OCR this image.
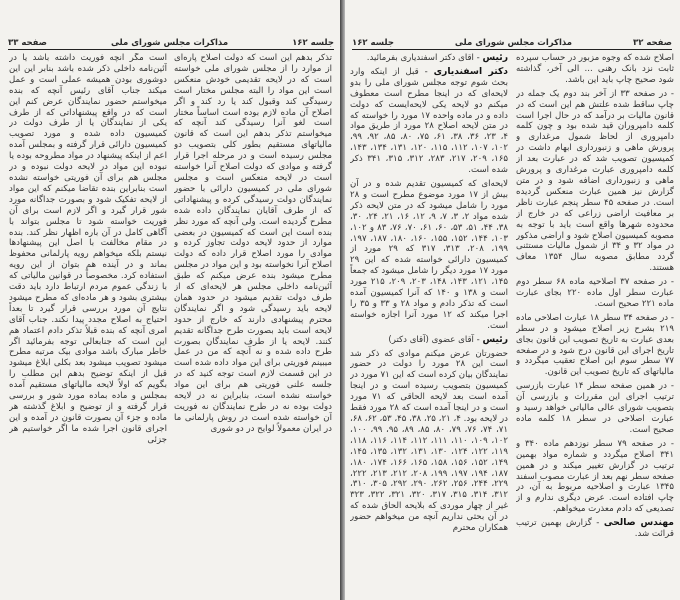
جلسه ۱۶۲
مذاکرات مجلس شورای ملی
صفحه ۳۳

تذکر بدهم این است که دولت اصلاح پاره‌ای از موارد را از مجلس شورای ملی خواسته است که در لایحه تقدیمی خودش منعکس است این مواد را البته مجلس مختار است رسیدگی کند وقبول کند یا رد کند و اگر اصلاح آن ماده لازم بوده است اساساً مختار است لغو آنرا رسیدگی کند آنچه که میخواستم تذکر بدهم این است که قانون مالیاتهای مستقیم بطور کلی بتصویب دو مجلس رسیده است و در مرحله اجرا قرار گرفته و موادی که دولت اصلاح آنرا خواسته است در لایحه منعکس است و مجلس شورای ملی در کمیسیون دارائی با حضور نمایندگان دولت رسیدگی کرده و پیشنهاداتی که از طرف آقایان نمایندگان داده شده مطرح گردیده است. ولی آنچه که مورد نظر بنده است این است که کمیسیون در بعضی موارد از حدود لایحه دولت تجاوز کرده و موادی را مورد اصلاح قرار داده که دولت اصلاح آنرا نخواسته بود و این مواد در مجلس مطرح میشود بنده عرض میکنم که طبق آئین‌نامه داخلی مجلس هر لایحه‌ای که از طرف دولت تقدیم میشود در حدود همان لایحه باید رسیدگی شود و اگر نمایندگان محترم پیشنهادی دارند که خارج از حدود لایحه است باید بصورت طرح جداگانه تقدیم کنند. لایحه یا از طرف نمایندگان بصورت طرح داده شده و نه آنچه که من در عمل میبینم فوریتی برای این مواد داده شده است در این قسمت لازم است توجه کنید که در جلسه علنی فوریتی هم برای این مواد خواسته نشده است، بنابراین نه در لایحه دولت بوده نه در طرح نمایندگان نه فوریت آن خواسته شده است در روش پارلمانی ما در ایران معمولاً لوایح در دو شوری

است مگر آنچه فوریت داشته باشد یا در آئین‌نامه داخلی ذکر شده باشد بنابر این این دوشوری بودن همیشه عملی است و عمل میکند جناب آقای رئیس آنچه که بنده میخواستم حضور نمایندگان عرض کنم این است که در واقع پیشنهاداتی که از طرف یکی از نمایندگان یا از طرف دولت در کمیسیون داده شده و مورد تصویب کمیسیون دارائی قرار گرفته و بمجلس آمده اعم از اینکه پیشنهاد در مواد مطروحه بوده یا نبوده این مواد در لایحه دولت نبوده و در مجلس هم برای آن فوریتی خواسته نشده است بنابراین بنده تقاضا میکنم که این مواد از لایحه تفکیک شود و بصورت جداگانه مورد شور قرار گیرد و اگر لازم است برای آن فوریت خواسته شود تا مجلس بتواند با آگاهی کامل در آن باره اظهار نظر کند. بنده در مقام مخالفت با اصل این پیشنهادها نیستم بلکه میخواهم رویه پارلمانی محفوظ بماند و در آینده هم بتوان از این رویه استفاده کرد. مخصوصاً در قوانین مالیاتی که با زندگی عموم مردم ارتباط دارد باید دقت بیشتری بشود و هر ماده‌ای که مطرح میشود نتایج آن مورد بررسی قرار گیرد تا بعداً احتیاج به اصلاح مجدد پیدا نکند. جناب آقای امری آنچه که بنده قبلاً تذکر دادم اعتماد هم این است که جنابعالی توجه بفرمائید اگر خاطر مبارک باشد موادی بیک مرتبه مطرح میشود تصویب میشود بعد بکلی ابلاغ میشود قبل از اینکه توضیح بدهم این مطلب را بگویم که اولاً لایحه مالیاتهای مستقیم آمده بمجلس و ماده بماده مورد شور و بررسی قرار گرفته و از توضیح و ابلاغ گذشته هر ماده و جزء آن بصورت قانون در آمده و این اجرای قانون اجرا شده ما اگر خواستیم هر جزئی

صفحه ۳۲
مذاکرات مجلس شورای ملی
جلسه ۱۶۲

اصلاح شده که وجوه مزبور در حساب سپرده ثابت نزد بانک رهنی ... الی آخر، گذاشته شود صحیح چاپ باید این باشد.

- در صفحه ۳۳ از آخر بند دوم یک جمله در چاپ ساقط شده علتش هم این است که در قانون مالیات بر درآمد که در حال اجرا است کلمه دامپروران قید شده بود و چون کلمه دامپروری از لحاظ شمول مرغداری و پرورش ماهی و زنبورداری ابهام داشت در کمیسیون تصویب شد که در عبارت بعد از کلمه دامپروری عبارت مرغداری و پرورش ماهی و زنبورداری اضافه شود و در متن گزارش نیز همین عبارت منعکس گردیده است. در صفحه ۴۵ سطر پنجم عبارت ناظر بر معافیت اراضی زراعی که در خارج از محدوده شهرها واقع است باید با توجه به مصوبه کمیسیون اصلاح شود و اراضی مذکور در مواد ۳۲ و ۳۴ از شمول مالیات مستثنی گردد مطابق مصوبه سال ۱۳۵۴ معاف هستند.

- در صفحه ۳۷ اصلاحیه ماده ۶۸ سطر دوم عبارت سطر اول ماده ۲۲۰ بجای عبارت ماده ۲۲۱ صحیح است.

- در صفحه ۳۴ سطر ۱۸ عبارت اصلاحی ماده ۲۱۹ بشرح زیر اصلاح میشود و در سطر بعدی عبارت به تاریخ تصویب این قانون بجای تاریخ اجرای این قانون درج شود و در صفحه ۷۷ سطر سوم این اصلاح تعقیب میگردد و مالیاتهای که تاریخ تصویب این قانون.

- در همین صفحه سطر ۱۴ عبارت بازرسی ترتیب اجرای این مقررات و بازرسی آن بتصویب شورای عالی مالیاتی خواهد رسید و عبارت اصلاحی در سطر ۱۸ کلمه ماده صحیح است.

- در صفحه ۷۹ سطر نوزدهم ماده ۳۴۰ و ۳۴۱ اصلاح میگردد و شماره مواد بهمین ترتیب در گزارش تغییر میکند و در همین صفحه سطر نهم بعد از عبارت مصوب اسفند ۱۳۴۵ عبارت و اصلاحیه مربوط به آن، در چاپ افتاده است. عرض دیگری ندارم و از تصدیعی که دادم معذرت میخواهم.

مهندس صالحی - گزارش بهمین ترتیب قرائت شد.

رئیس - آقای دکتر اسفندیاری بفرمائید.

دکتر اسفندیاری - قبل از اینکه وارد بحث شوم توجه مجلس شورای ملی را بدو لایحه‌ای که در اینجا مطرح است معطوف میکنم دو لایحه یکی لایحه‌ایست که دولت داده و در ماده واحده ۱۷ مورد را خواسته که در متن لایحه اصلاح ۲۸ مورد از طریق مواد ۴، ۲۳، ۳۶، ۳۸، ۶۱، ۷۵، ۸۰، ۸۵، ۹۲، ۹۹، ۱۰۲، ۱۰۷، ۱۱۲، ۱۱۵، ۱۲۰، ۱۳۱، ۱۳۴، ۱۴۳، ۱۶۵، ۲۰۹، ۲۱۷، ۲۸۳، ۳۱۲، ۳۱۵، ۳۴۱ ذکر شده است.

لایحه‌ای که کمیسیون تقدیم شده و در آن بیش از ۱۷ مورد موضوع مطرح است و ۲۸ مورد را شامل میشود که در متن لایحه ذکر شده مواد ۲، ۳، ۷، ۹، ۱۲، ۱۶، ۲۱، ۲۴، ۳۰، ۳۸، ۴۴، ۵۱، ۵۳، ۶۰، ۶۱، ۷۰، ۷۶، ۸۳ و ۱۰۲، ۱۰۳، ۱۴۴، ۱۵۲، ۱۵۵، ۱۶۰، ۱۸۰، ۱۸۷، ۱۹۷، ۱۹۹، ۲۰۸، ۳۱۳، ۳۱۷ که ۲۹ مورد از کمیسیون دارائی خواسته شده که این ۲۹ مورد ۱۷ مورد دیگر را شامل میشود که جمعاً ۱۴۵، ۱۲۱، ۱۴۳، ۱۴۸، ۲۰۳، ۲۰۹، ۲۱۵ مورد است و ۱۳۸ و ۱۴۰ که آنرا کمیسیون آمده است که تذکر دادم و مواد ۲۸ و ۳۳ و ۳۵ را اجرا میکند که ۱۲ مورد آنرا اجازه خواسته است.

رئیس - آقای عضوی (آقای دکتر)

حضورتان عرض میکنم موادی که ذکر شد است این ۲۸ مورد را دولت در حضور نمایندگان بیان کرده است که این ۷۱ مورد در کمیسیون بتصویب رسیده است و در اینجا آمده است بعد لایحه الحاقی که ۷۱ مورد است و در اینجا آمده است که ۲۸ مورد فقط در لایحه بود. ۴، ۲۱، ۲۵، ۳۸، ۴۵، ۵۳، ۶۲، ۶۸، ۷۱، ۷۴، ۷۶، ۷۹، ۸۰، ۸۵، ۸۹، ۹۵، ۹۹، ۱۰۰، ۱۰۲، ۱۰۹، ۱۱۰، ۱۱۱، ۱۱۲، ۱۱۴، ۱۱۶، ۱۱۸، ۱۱۹، ۱۲۲، ۱۲۴، ۱۳۰، ۱۳۱، ۱۳۲، ۱۳۵، ۱۴۵، ۱۴۹، ۱۵۲، ۱۵۶، ۱۵۸، ۱۶۵، ۱۶۶، ۱۷۴، ۱۸۰، ۱۸۷، ۱۹۴، ۱۹۷، ۱۹۹، ۲۰۸، ۲۱۲، ۲۱۳، ۲۲۲، ۲۲۹، ۲۴۴، ۲۵۶، ۲۶۲، ۲۹۰، ۲۹۲، ۳۰۵، ۳۱۰، ۳۱۲، ۳۱۴، ۳۱۵، ۳۱۷، ۳۲۰، ۳۲۱، ۳۲۲، ۳۲۳ غیر از چهار موردی که بلایحه الحاق شده که در آن بحثی نداریم آنچه من میخواهم حضور همکاران محترم
